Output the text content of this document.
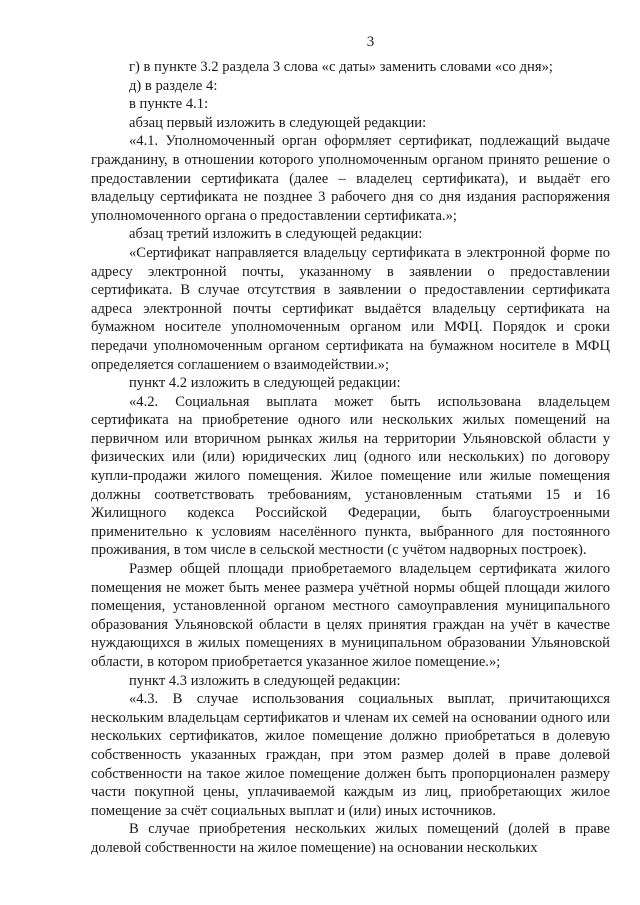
3

г) в пункте 3.2 раздела 3 слова «с даты» заменить словами «со дня»;

д) в разделе 4:

в пункте 4.1:

абзац первый изложить в следующей редакции:

«4.1. Уполномоченный орган оформляет сертификат, подлежащий выдаче гражданину, в отношении которого уполномоченным органом принято решение о предоставлении сертификата (далее – владелец сертификата), и выдаёт его владельцу сертификата не позднее 3 рабочего дня со дня издания распоряжения уполномоченного органа о предоставлении сертификата.»;

абзац третий изложить в следующей редакции:

«Сертификат направляется владельцу сертификата в электронной форме по адресу электронной почты, указанному в заявлении о предоставлении сертификата. В случае отсутствия в заявлении о предоставлении сертификата адреса электронной почты сертификат выдаётся владельцу сертификата на бумажном носителе уполномоченным органом или МФЦ. Порядок и сроки передачи уполномоченным органом сертификата на бумажном носителе в МФЦ определяется соглашением о взаимодействии.»;

пункт 4.2 изложить в следующей редакции:

«4.2. Социальная выплата может быть использована владельцем сертификата на приобретение одного или нескольких жилых помещений на первичном или вторичном рынках жилья на территории Ульяновской области у физических или (или) юридических лиц (одного или нескольких) по договору купли-продажи жилого помещения. Жилое помещение или жилые помещения должны соответствовать требованиям, установленным статьями 15 и 16 Жилищного кодекса Российской Федерации, быть благоустроенными применительно к условиям населённого пункта, выбранного для постоянного проживания, в том числе в сельской местности (с учётом надворных построек).

Размер общей площади приобретаемого владельцем сертификата жилого помещения не может быть менее размера учётной нормы общей площади жилого помещения, установленной органом местного самоуправления муниципального образования Ульяновской области в целях принятия граждан на учёт в качестве нуждающихся в жилых помещениях в муниципальном образовании Ульяновской области, в котором приобретается указанное жилое помещение.»;

пункт 4.3 изложить в следующей редакции:

«4.3. В случае использования социальных выплат, причитающихся нескольким владельцам сертификатов и членам их семей на основании одного или нескольких сертификатов, жилое помещение должно приобретаться в долевую собственность указанных граждан, при этом размер долей в праве долевой собственности на такое жилое помещение должен быть пропорционален размеру части покупной цены, уплачиваемой каждым из лиц, приобретающих жилое помещение за счёт социальных выплат и (или) иных источников.

В случае приобретения нескольких жилых помещений (долей в праве долевой собственности на жилое помещение) на основании нескольких
